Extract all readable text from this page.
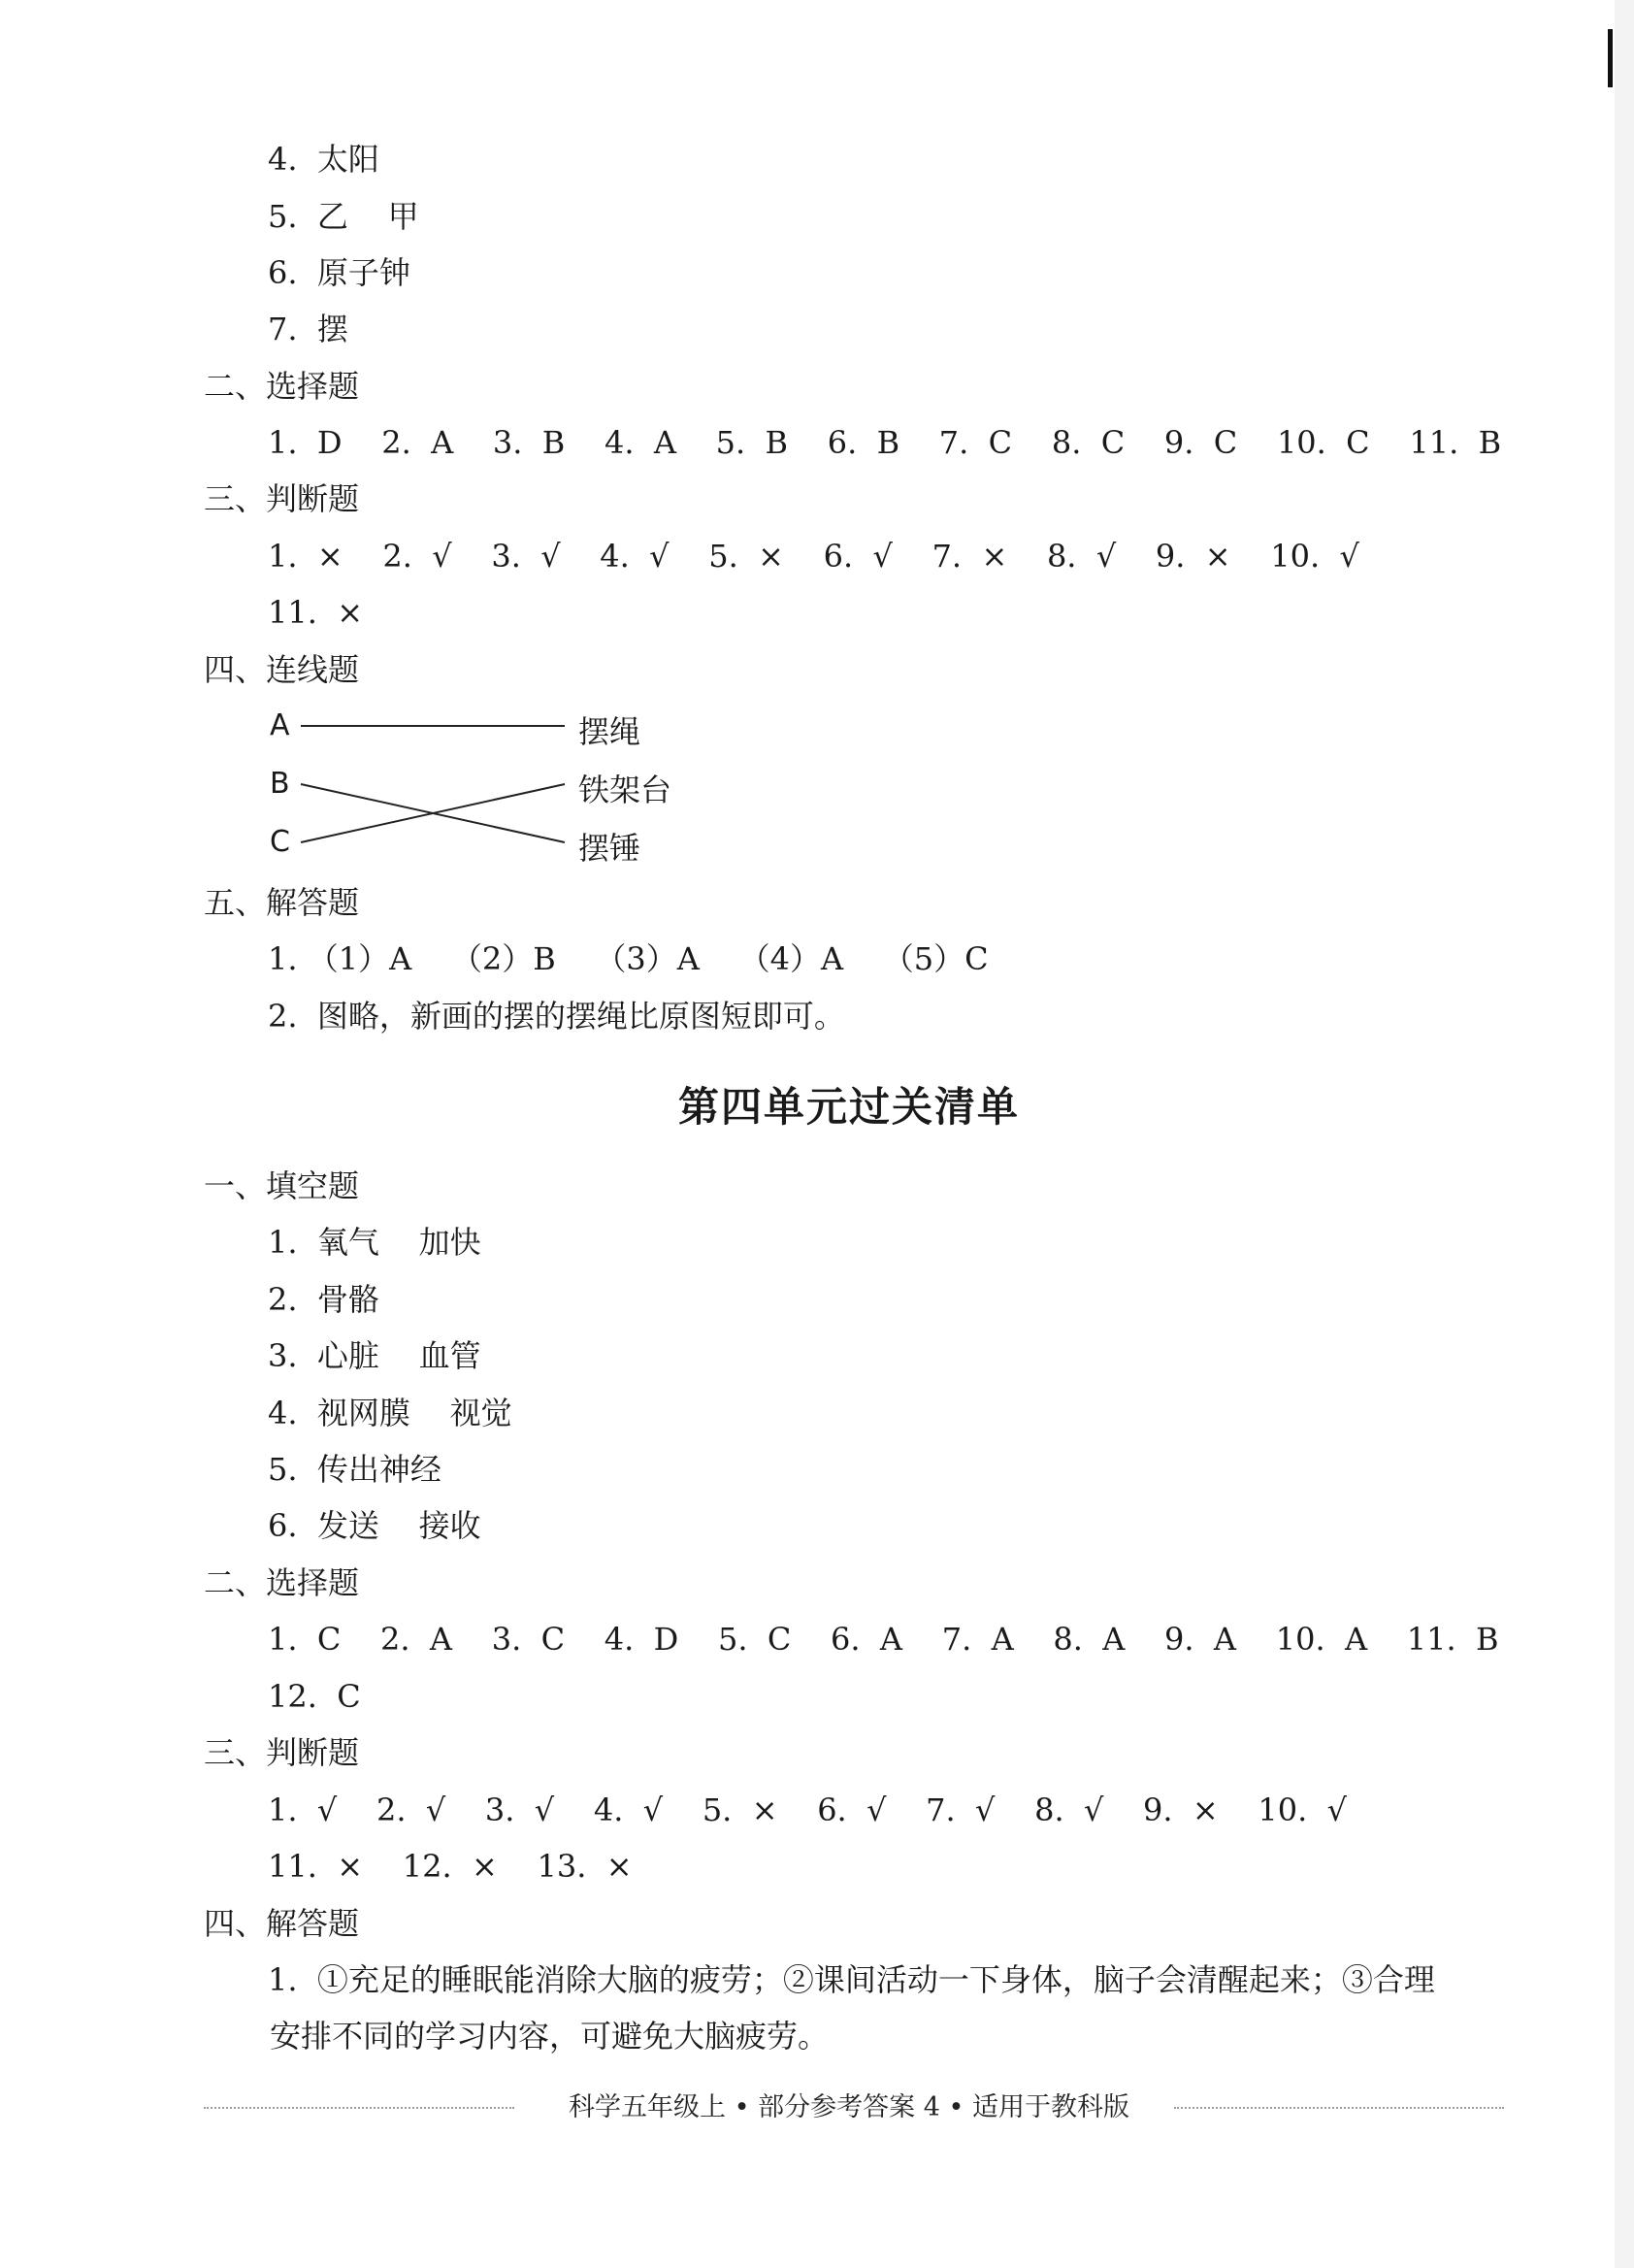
4.  太阳
5.  乙    甲
6.  原子钟
7.  摆
二、选择题
1.  D    2.  A    3.  B    4.  A    5.  B    6.  B    7.  C    8.  C    9.  C    10.  C    11.  B
三、判断题
1.  ×    2.  √    3.  √    4.  √    5.  ×    6.  √    7.  ×    8.  √    9.  ×    10.  √
11.  ×
四、连线题
A
B
C
摆绳
铁架台
摆锤
五、解答题
1. （1）A    （2）B    （3）A    （4）A    （5）C
2.  图略，新画的摆的摆绳比原图短即可。
第四单元过关清单
一、填空题
1.  氧气    加快
2.  骨骼
3.  心脏    血管
4.  视网膜    视觉
5.  传出神经
6.  发送    接收
二、选择题
1.  C    2.  A    3.  C    4.  D    5.  C    6.  A    7.  A    8.  A    9.  A    10.  A    11.  B
12.  C
三、判断题
1.  √    2.  √    3.  √    4.  √    5.  ×    6.  √    7.  √    8.  √    9.  ×    10.  √
11.  ×    12.  ×    13.  ×
四、解答题
1.  ①充足的睡眠能消除大脑的疲劳；②课间活动一下身体，脑子会清醒起来；③合理
安排不同的学习内容，可避免大脑疲劳。
科学五年级上 • 部分参考答案 4 • 适用于教科版
